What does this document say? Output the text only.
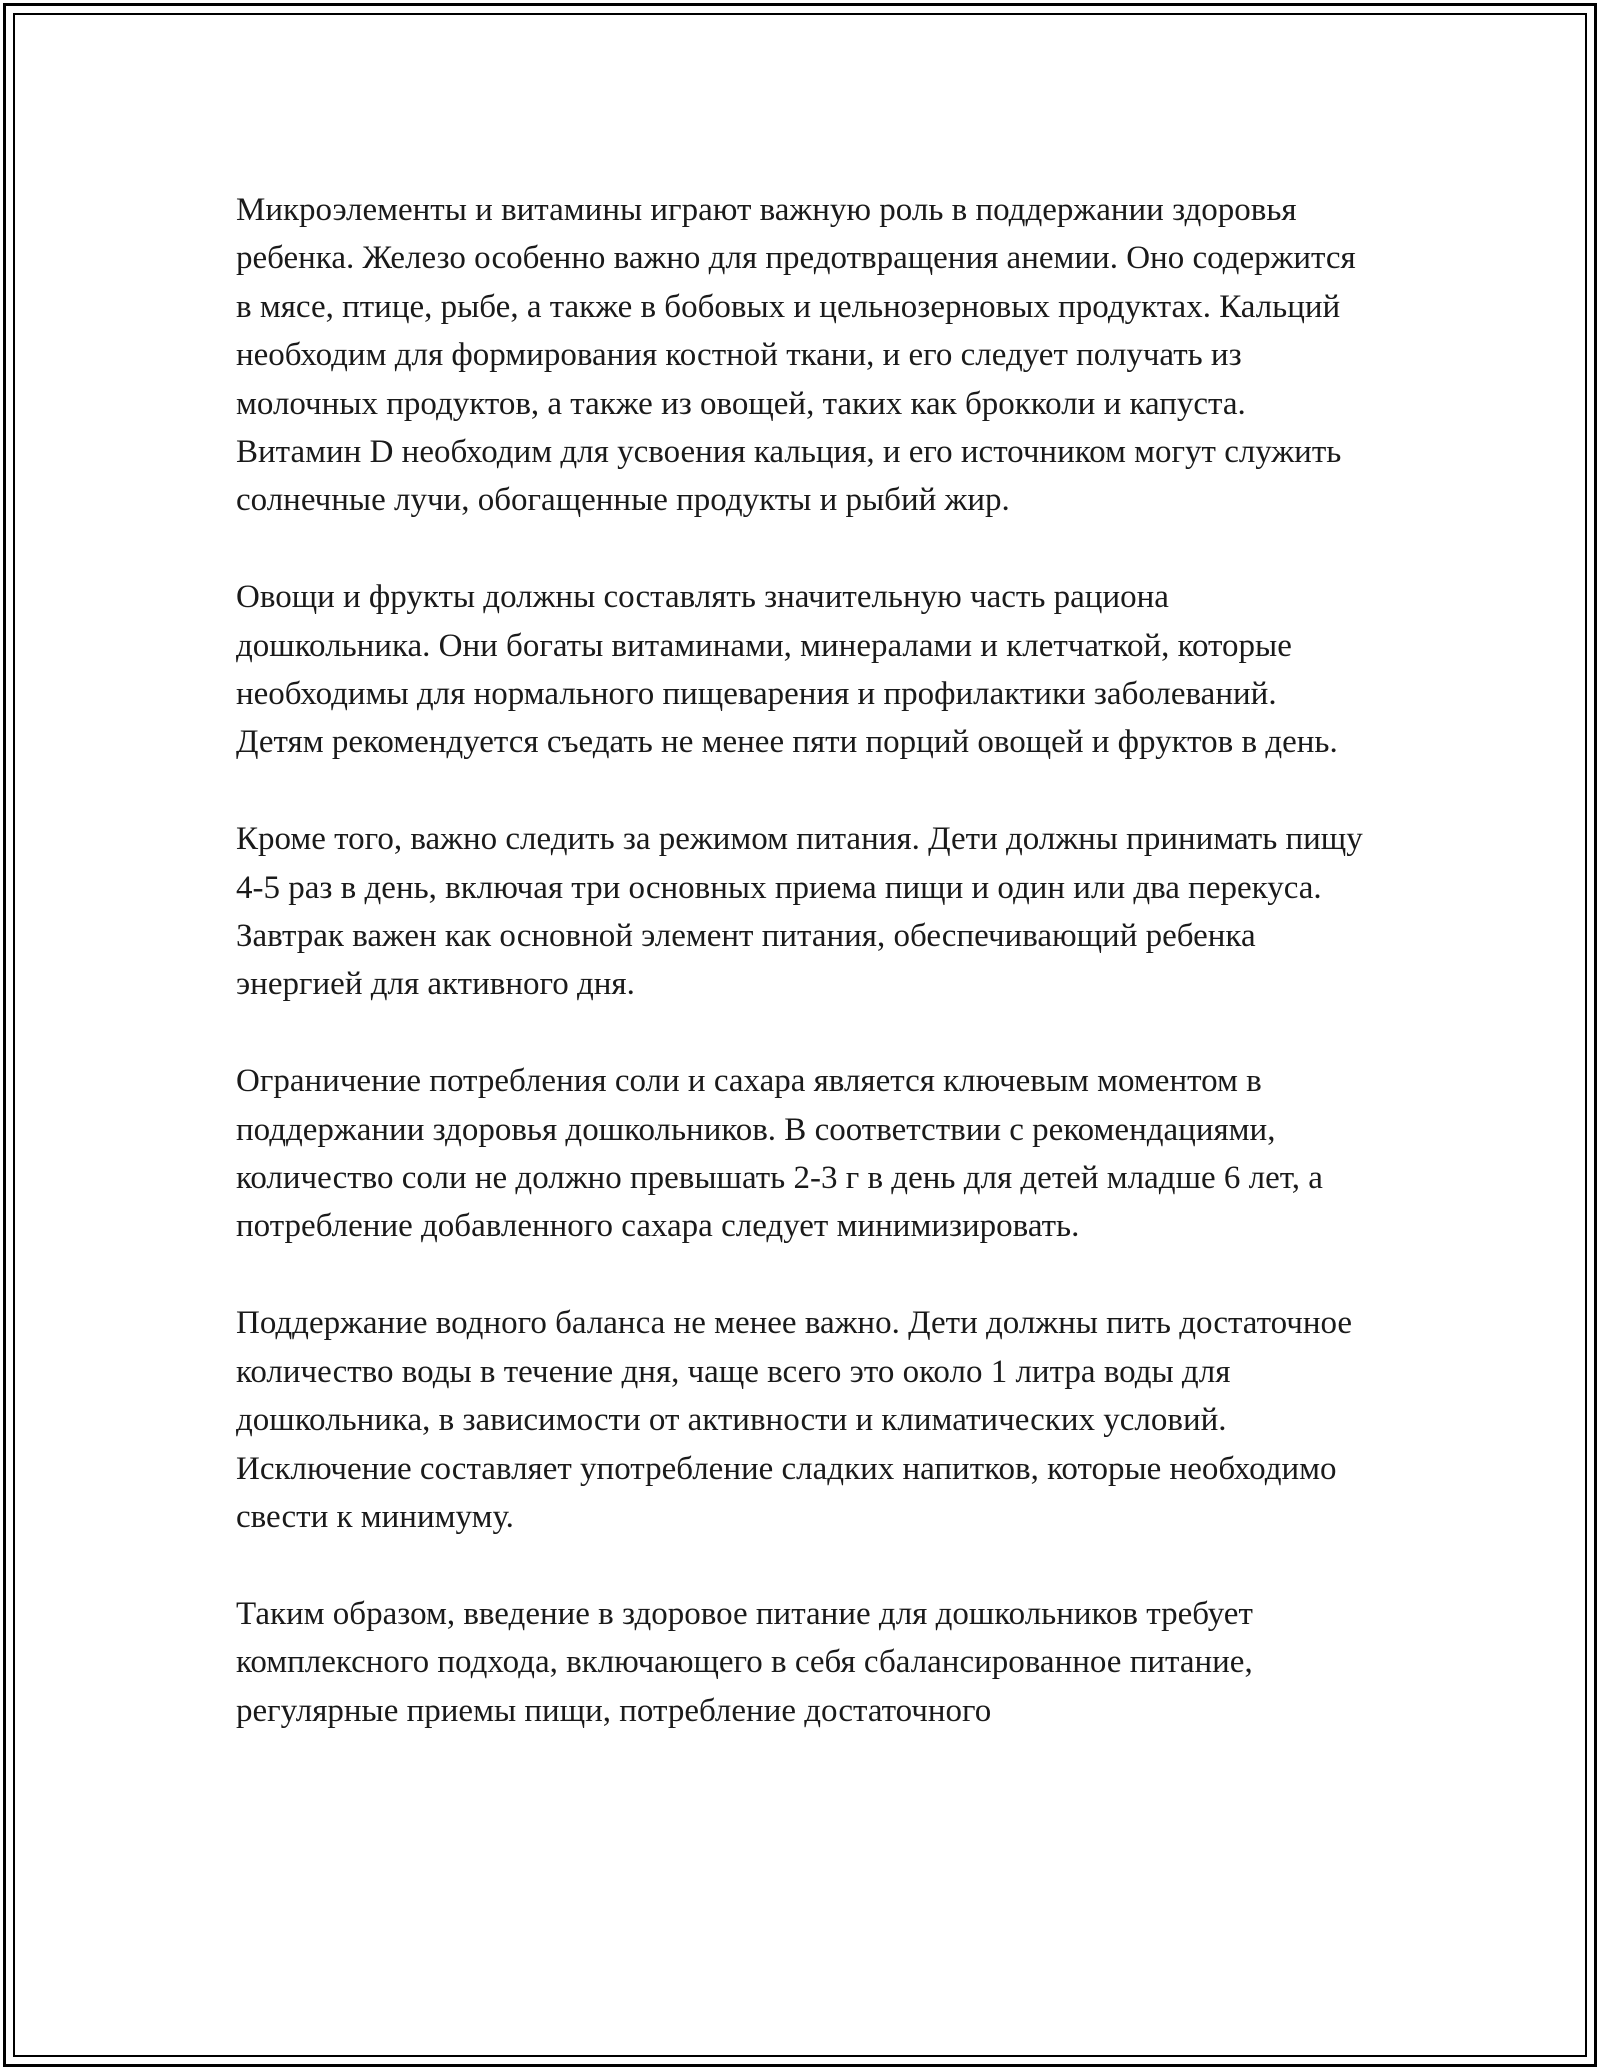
Микроэлементы и витамины играют важную роль в поддержании здоровья ребенка. Железо особенно важно для предотвращения анемии. Оно содержится в мясе, птице, рыбе, а также в бобовых и цельнозерновых продуктах. Кальций необходим для формирования костной ткани, и его следует получать из молочных продуктов, а также из овощей, таких как брокколи и капуста. Витамин D необходим для усвоения кальция, и его источником могут служить солнечные лучи, обогащенные продукты и рыбий жир.

Овощи и фрукты должны составлять значительную часть рациона дошкольника. Они богаты витаминами, минералами и клетчаткой, которые необходимы для нормального пищеварения и профилактики заболеваний. Детям рекомендуется съедать не менее пяти порций овощей и фруктов в день.

Кроме того, важно следить за режимом питания. Дети должны принимать пищу 4-5 раз в день, включая три основных приема пищи и один или два перекуса. Завтрак важен как основной элемент питания, обеспечивающий ребенка энергией для активного дня.

Ограничение потребления соли и сахара является ключевым моментом в поддержании здоровья дошкольников. В соответствии с рекомендациями, количество соли не должно превышать 2-3 г в день для детей младше 6 лет, а потребление добавленного сахара следует минимизировать.

Поддержание водного баланса не менее важно. Дети должны пить достаточное количество воды в течение дня, чаще всего это около 1 литра воды для дошкольника, в зависимости от активности и климатических условий. Исключение составляет употребление сладких напитков, которые необходимо свести к минимуму.

Таким образом, введение в здоровое питание для дошкольников требует комплексного подхода, включающего в себя сбалансированное питание, регулярные приемы пищи, потребление достаточного
